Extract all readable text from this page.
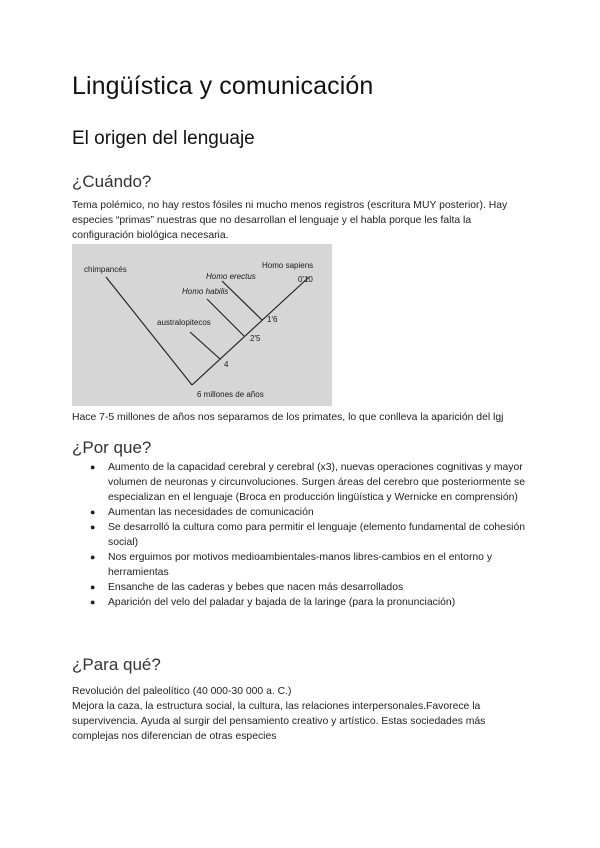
Lingüística y comunicación
El origen del lenguaje
¿Cuándo?

Tema polémico, no hay restos fósiles ni mucho menos registros (escritura MUY posterior). Hay especies “primas” nuestras que no desarrollan el lenguaje y el habla porque les falta la configuración biológica necesaria.

chimpancés	Homo sapiens
0'10
Homo erectus
Homo habilis
1'6
australopitecos
2'5
4
6 millones de años

Hace 7-5 millones de años nos separamos de los primates, lo que conlleva la aparición del lgj

¿Por que?
● Aumento de la capacidad cerebral y cerebral (x3), nuevas operaciones cognitivas y mayor volumen de neuronas y circunvoluciones. Surgen áreas del cerebro que posteriormente se especializan en el lenguaje (Broca en producción lingüística y Wernicke en comprensión)
● Aumentan las necesidades de comunicación
● Se desarrolló la cultura como para permitir el lenguaje (elemento fundamental de cohesión social)
● Nos erguimos por motivos medioambientales-manos libres-cambios en el entorno y herramientas
● Ensanche de las caderas y bebes que nacen más desarrollados
● Aparición del velo del paladar y bajada de la laringe (para la pronunciación)
¿Para qué?

Revolución del paleolítico (40 000-30 000 a. C.)

Mejora la caza, la estructura social, la cultura, las relaciones interpersonales.Favorece la supervivencia. Ayuda al surgir del pensamiento creativo y artístico. Estas sociedades más complejas nos diferencian de otras especies
